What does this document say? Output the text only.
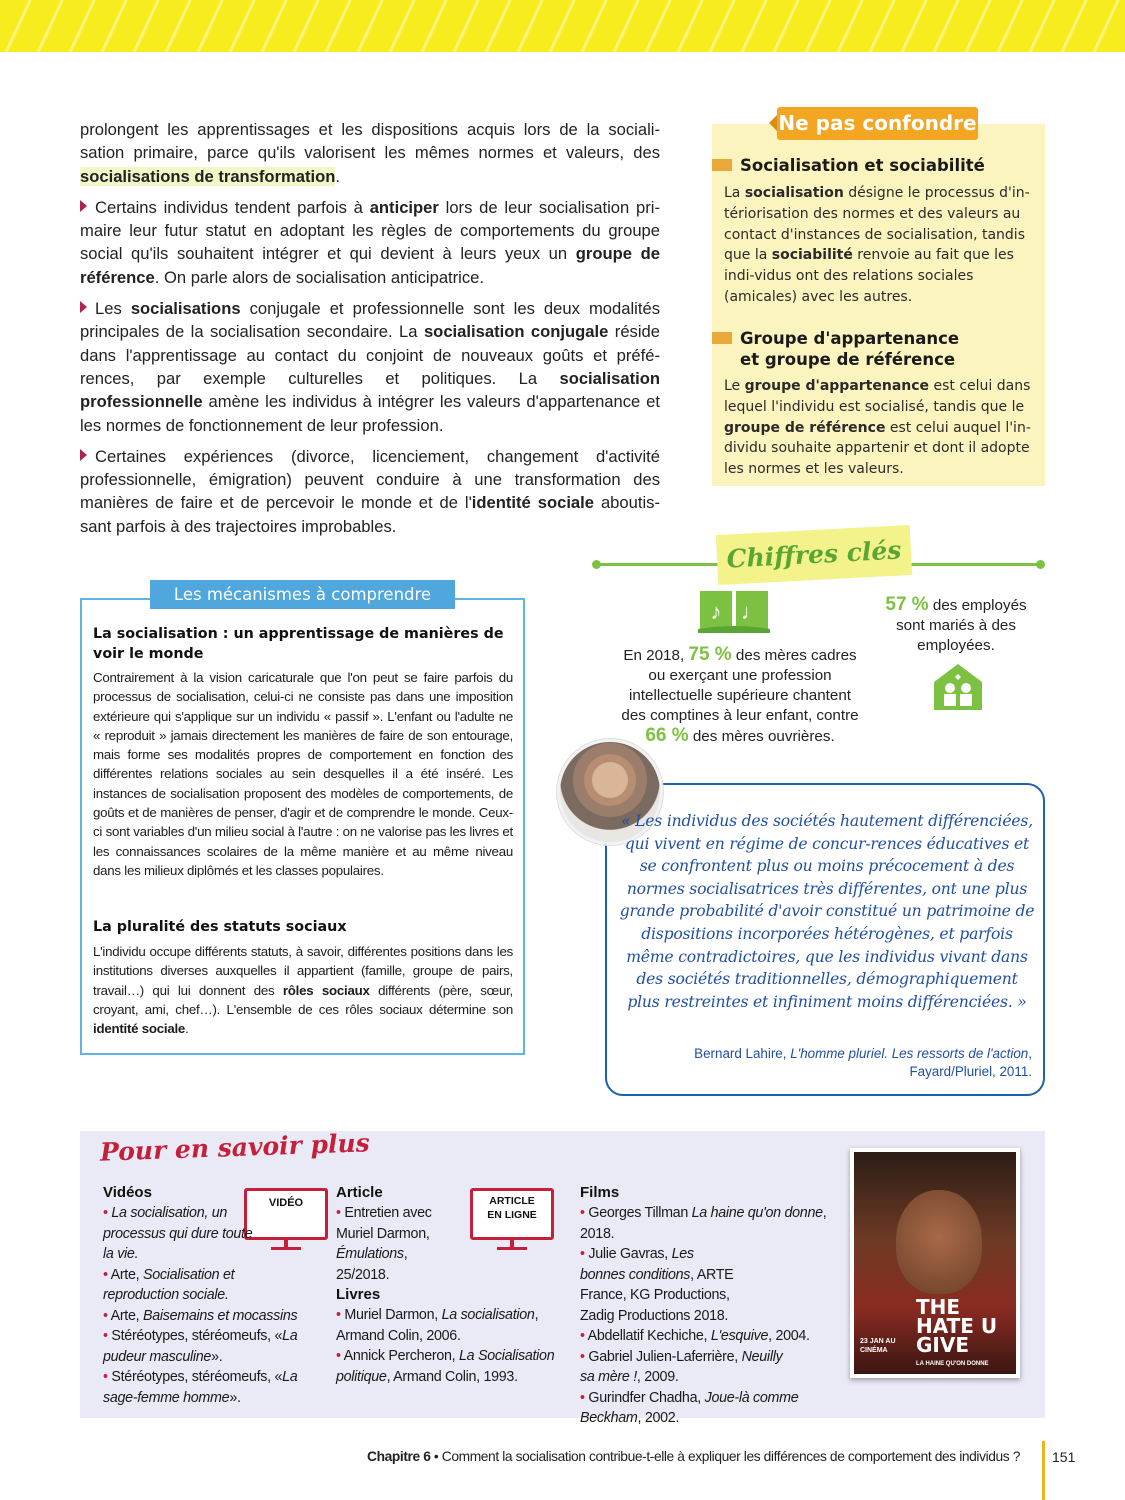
prolongent les apprentissages et les dispositions acquis lors de la sociali-sation primaire, parce qu'ils valorisent les mêmes normes et valeurs, des socialisations de transformation.

Certains individus tendent parfois à anticiper lors de leur socialisation pri-maire leur futur statut en adoptant les règles de comportements du groupe social qu'ils souhaitent intégrer et qui devient à leurs yeux un groupe de référence. On parle alors de socialisation anticipatrice.

Les socialisations conjugale et professionnelle sont les deux modalités principales de la socialisation secondaire. La socialisation conjugale réside dans l'apprentissage au contact du conjoint de nouveaux goûts et préfé-rences, par exemple culturelles et politiques. La socialisation professionnelle amène les individus à intégrer les valeurs d'appartenance et les normes de fonctionnement de leur profession.

Certaines expériences (divorce, licenciement, changement d'activité professionnelle, émigration) peuvent conduire à une transformation des manières de faire et de percevoir le monde et de l'identité sociale aboutis-sant parfois à des trajectoires improbables.

Ne pas confondre
Socialisation et sociabilité
La socialisation désigne le processus d'in-tériorisation des normes et des valeurs au contact d'instances de socialisation, tandis que la sociabilité renvoie au fait que les indi-vidus ont des relations sociales (amicales) avec les autres.
Groupe d'appartenance et groupe de référence
Le groupe d'appartenance est celui dans lequel l'individu est socialisé, tandis que le groupe de référence est celui auquel l'in-dividu souhaite appartenir et dont il adopte les normes et les valeurs.
Les mécanismes à comprendre
La socialisation : un apprentissage de manières de voir le monde
Contrairement à la vision caricaturale que l'on peut se faire parfois du processus de socialisation, celui-ci ne consiste pas dans une imposition extérieure qui s'applique sur un individu « passif ». L'enfant ou l'adulte ne « reproduit » jamais directement les manières de faire de son entourage, mais forme ses modalités propres de comportement en fonction des différentes relations sociales au sein desquelles il a été inséré. Les instances de socialisation proposent des modèles de comportements, de goûts et de manières de penser, d'agir et de comprendre le monde. Ceux-ci sont variables d'un milieu social à l'autre : on ne valorise pas les livres et les connaissances scolaires de la même manière et au même niveau dans les milieux diplômés et les classes populaires.
La pluralité des statuts sociaux
L'individu occupe différents statuts, à savoir, différentes positions dans les institutions diverses auxquelles il appartient (famille, groupe de pairs, travail…) qui lui donnent des rôles sociaux différents (père, sœur, croyant, ami, chef…). L'ensemble de ces rôles sociaux détermine son identité sociale.
Chiffres clés
♪ ♩
En 2018, 75 % des mères cadres ou exerçant une profession intellectuelle supérieure chantent des comptines à leur enfant, contre 66 % des mères ouvrières.
57 % des employés sont mariés à des employées.
« Les individus des sociétés hautement différenciées, qui vivent en régime de concur-rences éducatives et se confrontent plus ou moins précocement à des normes socialisatrices très différentes, ont une plus grande probabilité d'avoir constitué un patrimoine de dispositions incorporées hétérogènes, et parfois même contradictoires, que les individus vivant dans des sociétés traditionnelles, démographiquement plus restreintes et infiniment moins différenciées. »
Bernard Lahire, L'homme pluriel. Les ressorts de l'action, Fayard/Pluriel, 2011.
Pour en savoir plus
Vidéos
VIDÉO
• La socialisation, un processus qui dure toute la vie.
• Arte, Socialisation et reproduction sociale.
• Arte, Baisemains et mocassins
• Stéréotypes, stéréomeufs, «La pudeur masculine».
• Stéréotypes, stéréomeufs, «La sage-femme homme».
Article	ARTICLE
EN LIGNE
• Entretien avec Muriel Darmon, Émulations, 25/2018.
Livres
• Muriel Darmon, La socialisation, Armand Colin, 2006.
• Annick Percheron, La Socialisation politique, Armand Colin, 1993.
Films
• Georges Tillman La haine qu'on donne, 2018.
• Julie Gavras, Les bonnes conditions, ARTE France, KG Productions, Zadig Productions 2018.
• Abdellatif Kechiche, L'esquive, 2004.
• Gabriel Julien-Laferrière, Neuilly sa mère !, 2009.
• Gurindfer Chadha, Joue-là comme Beckham, 2002.
THE HATE U GIVE
LA HAINE QU'ON DONNE
23 JAN AU CINÉMA
Chapitre 6 • Comment la socialisation contribue-t-elle à expliquer les différences de comportement des individus ? 151
